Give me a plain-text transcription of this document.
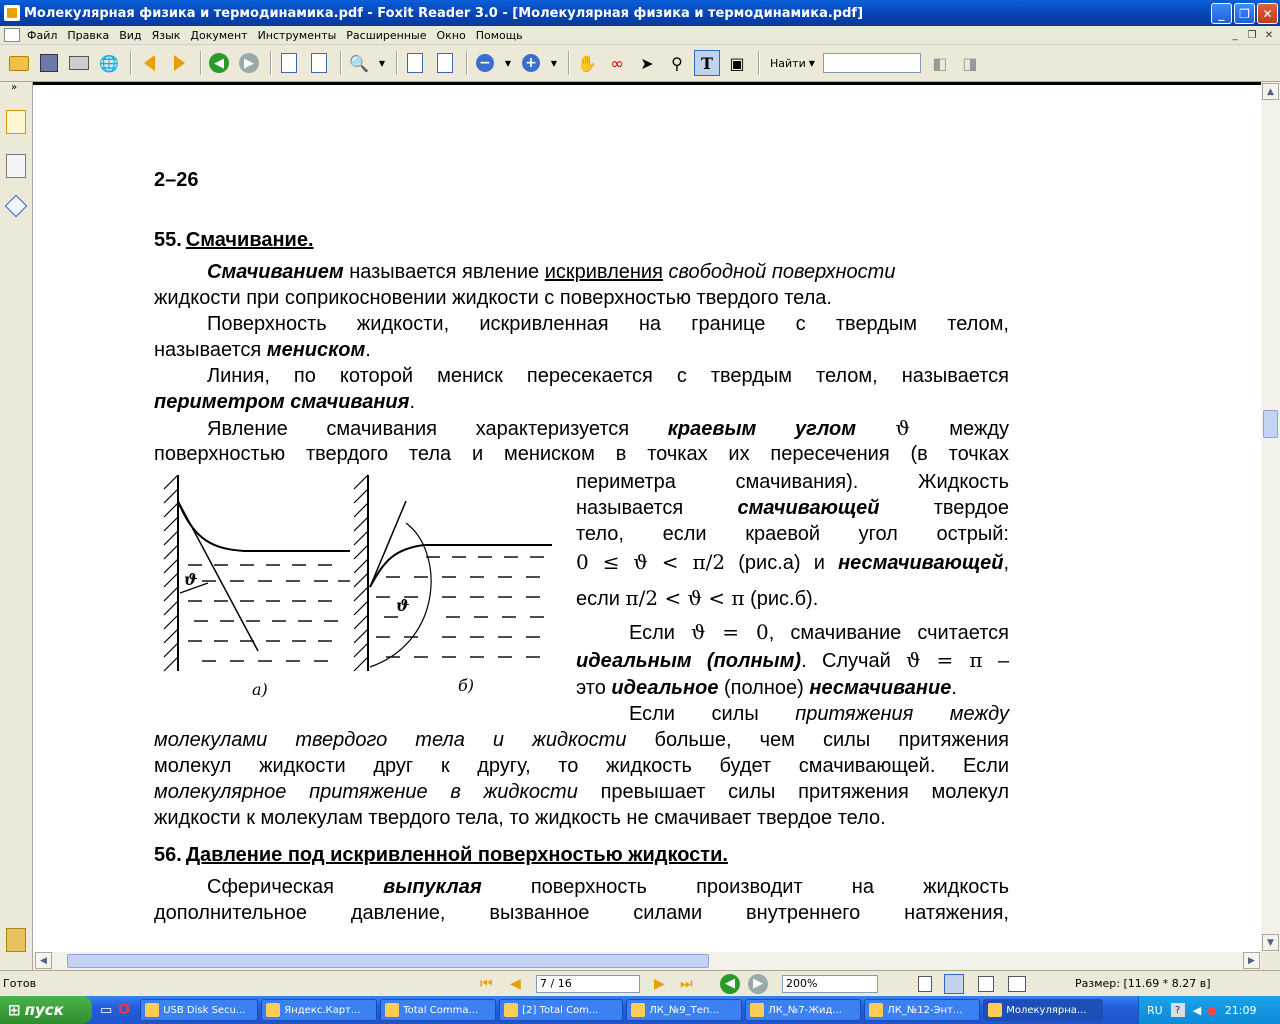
Молекулярная физика и термодинамика.pdf - Foxit Reader 3.0 - [Молекулярная физика и термодинамика.pdf]	_	❐	✕
Файл Правка Вид Язык Документ Инструменты Расширенные Окно Помощь	_	❐ ✕
🌐	◀	▶	🔍	▼	−	▼ +	▼ ✋ ∞ ➤ ⚲ T ▣ Найти ▼	◧ ◨
»
2–26
55. Смачивание.
Смачиванием называется явление искривления свободной поверхности
жидкости при соприкосновении жидкости с поверхностью твердого тела.
Поверхность жидкости, искривленная на границе с твердым телом,
называется мениском.
Линия, по которой мениск пересекается с твердым телом, называется
периметром смачивания.
Явление смачивания характеризуется краевым углом ϑ между
поверхностью твердого тела и мениском в точках их пересечения (в точках
ϑ
ϑ
а)	б)
периметра смачивания). Жидкость
называется смачивающей твердое
тело, если краевой угол острый:
0 ≤ ϑ < π/2 (рис.а) и несмачивающей,
если π/2 < ϑ < π (рис.б).
Если ϑ = 0, смачивание считается
идеальным (полным). Случай ϑ = π –
это идеальное (полное) несмачивание.
Если силы притяжения между
молекулами твердого тела и жидкости больше, чем силы притяжения
молекул жидкости друг к другу, то жидкость будет смачивающей. Если
молекулярное притяжение в жидкости превышает силы притяжения молекул
жидкости к молекулам твердого тела, то жидкость не смачивает твердое тело.
56. Давление под искривленной поверхностью жидкости.
Сферическая выпуклая поверхность производит на жидкость
дополнительное давление, вызванное силами внутреннего натяжения,
▲
▼
◀	▶
Готов	⏮ ◀	7 / 16	▶ ⏭	◀	▶	200%	Размер: [11.69 * 8.27 в]
⊞ пуск	▭ O	USB Disk Secu...	Яндекс.Карт...	Total Comma...	[2] Total Com...	ЛК_№9_Теп...	ЛК_№7-Жид...	ЛК_№12-Энт...	Молекулярна...	RU	?	◀ ● 21:09
